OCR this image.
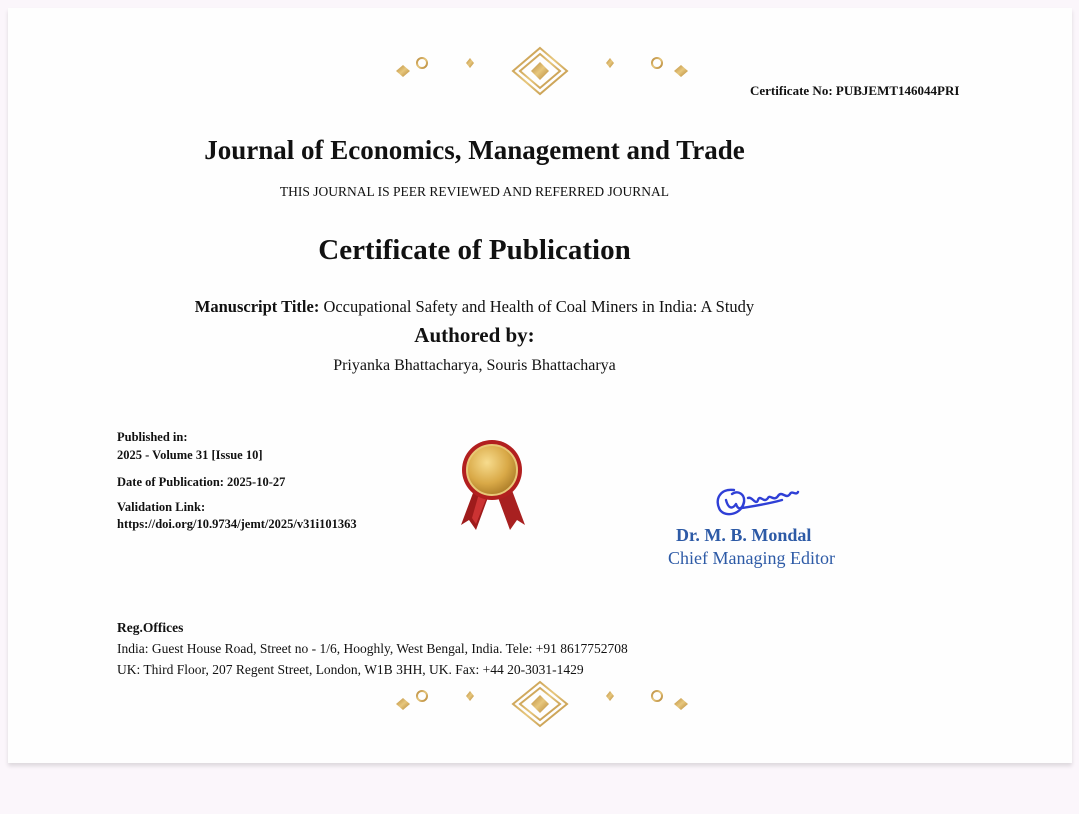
Certificate No: PUBJEMT146044PRI
Journal of Economics, Management and Trade
THIS JOURNAL IS PEER REVIEWED AND REFERRED JOURNAL
Certificate of Publication
Manuscript Title: Occupational Safety and Health of Coal Miners in India: A Study
Authored by:
Priyanka Bhattacharya, Souris Bhattacharya
Published in:
2025 - Volume 31 [Issue 10]
Date of Publication: 2025-10-27
Validation Link:
https://doi.org/10.9734/jemt/2025/v31i101363
Dr. M. B. Mondal
Chief Managing Editor
Reg.Offices
India: Guest House Road, Street no - 1/6, Hooghly, West Bengal, India. Tele: +91 8617752708
UK: Third Floor, 207 Regent Street, London, W1B 3HH, UK. Fax: +44 20-3031-1429
